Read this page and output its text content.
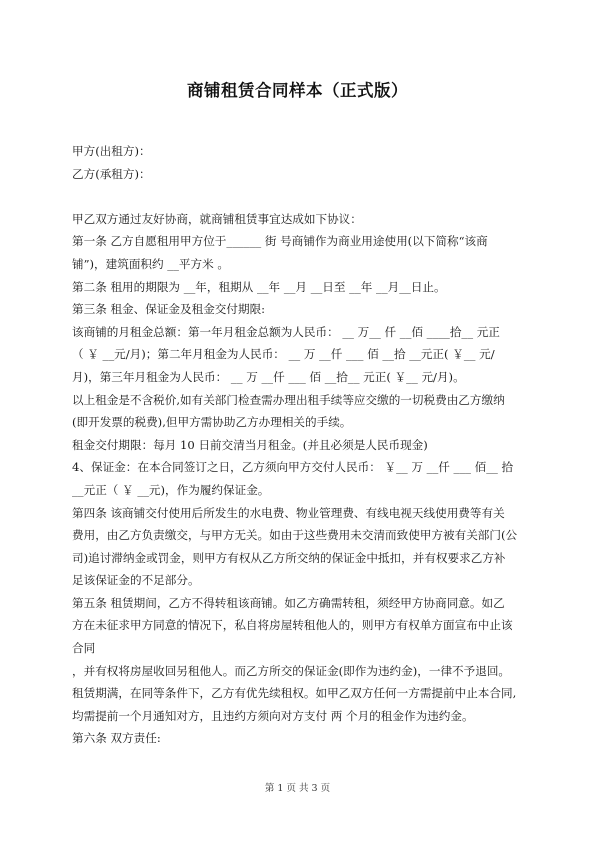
商铺租赁合同样本（正式版）
甲方(出租方)：
乙方(承租方)：
甲乙双方通过友好协商，就商铺租赁事宜达成如下协议：
第一条 乙方自愿租用甲方位于______ 街 号商铺作为商业用途使用(以下简称“该商
铺”)，建筑面积约 __平方米 。
第二条 租用的期限为 __年，租期从 __年 __月 __日至 __年 __月__日止。
第三条 租金、保证金及租金交付期限:
该商铺的月租金总额：第一年月租金总额为人民币： __ 万__ 仟 __佰 ____拾__ 元正
（ ￥ __元/月)；第二年月租金为人民币： __ 万 __仟 ___ 佰 __拾 __元正( ￥__ 元/
月)，第三年月租金为人民币： __ 万 __仟 ___ 佰 __拾__ 元正( ￥__ 元/月)。
以上租金是不含税价,如有关部门检查需办理出租手续等应交缴的一切税费由乙方缴纳
(即开发票的税费),但甲方需协助乙方办理相关的手续。
租金交付期限：每月 10 日前交清当月租金。(并且必须是人民币现金)
4、保证金：在本合同签订之日，乙方须向甲方交付人民币： ￥__ 万 __仟 ___ 佰__ 拾
__元正（ ￥ __元)，作为履约保证金。
第四条 该商铺交付使用后所发生的水电费、物业管理费、有线电视天线使用费等有关
费用，由乙方负责缴交，与甲方无关。如由于这些费用未交清而致使甲方被有关部门(公
司)追讨滞纳金或罚金，则甲方有权从乙方所交纳的保证金中抵扣，并有权要求乙方补
足该保证金的不足部分。
第五条 租赁期间，乙方不得转租该商铺。如乙方确需转租，须经甲方协商同意。如乙
方在未征求甲方同意的情况下，私自将房屋转租他人的，则甲方有权单方面宣布中止该
合同
，并有权将房屋收回另租他人。而乙方所交的保证金(即作为违约金)，一律不予退回。
租赁期满，在同等条件下，乙方有优先续租权。如甲乙双方任何一方需提前中止本合同,
均需提前一个月通知对方，且违约方须向对方支付 两 个月的租金作为违约金。
第六条 双方责任:
第 1 页 共 3 页
